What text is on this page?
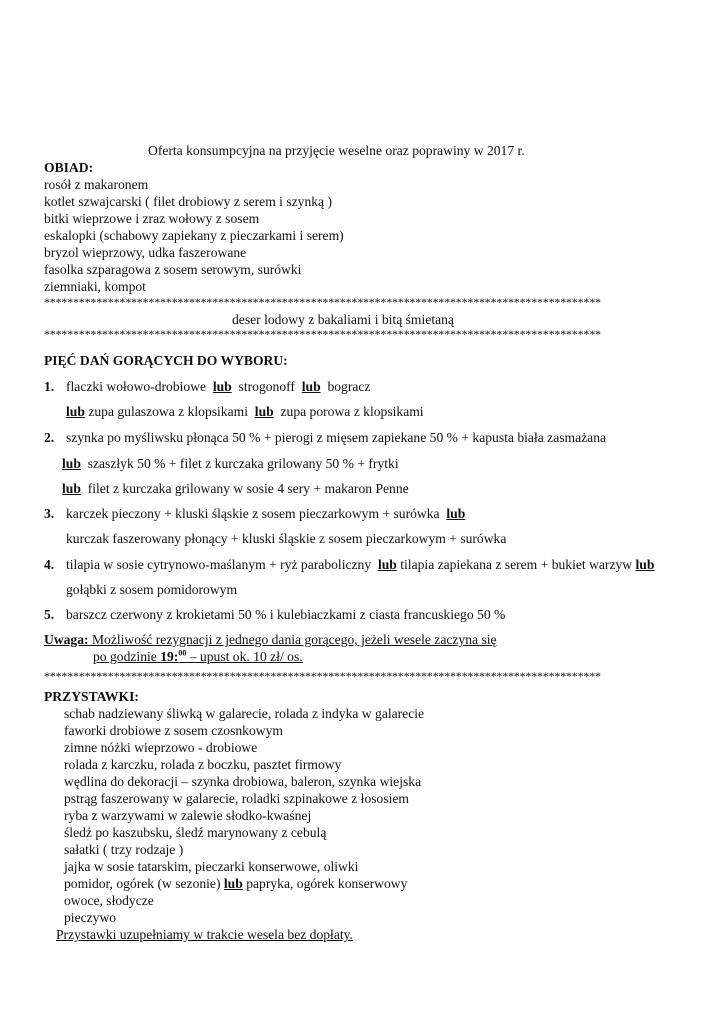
Oferta konsumpcyjna na przyjęcie weselne oraz poprawiny w 2017 r.
OBIAD:
rosół z makaronem
kotlet szwajcarski ( filet drobiowy z serem i szynką )
bitki wieprzowe i zraz wołowy z sosem
eskalopki (schabowy zapiekany z pieczarkami i serem)
bryzol wieprzowy, udka faszerowane
fasolka szparagowa z sosem serowym, surówki
ziemniaki, kompot
************************************************************************************************
deser lodowy z bakaliami i bitą śmietaną
************************************************************************************************
PIĘĆ DAŃ GORĄCYCH DO WYBORU:
1. flaczki wołowo-drobiowe lub strogonoff lub bogracz
lub zupa gulaszowa z klopsikami lub zupa porowa z klopsikami
2. szynka po myśliwsku płonąca 50 % + pierogi z mięsem zapiekane 50 % + kapusta biała zasmażana
lub szaszłyk 50 % + filet z kurczaka grilowany 50 % + frytki
lub filet z kurczaka grilowany w sosie 4 sery + makaron Penne
3. karczek pieczony + kluski śląskie z sosem pieczarkowym + surówka lub
kurczak faszerowany płonący + kluski śląskie z sosem pieczarkowym + surówka
4. tilapia w sosie cytrynowo-maślanym + ryż paraboliczny lub tilapia zapiekana z serem + bukiet warzyw lub
gołąbki z sosem pomidorowym
5. barszcz czerwony z krokietami 50 % i kulebiaczkami z ciasta francuskiego 50 %
Uwaga: Możliwość rezygnacji z jednego dania gorącego, jeżeli wesele zaczyna się
po godzinie 19:$^{00}$ – upust ok. 10 zł/ os.
************************************************************************************************
PRZYSTAWKI:
schab nadziewany śliwką w galarecie, rolada z indyka w galarecie
faworki drobiowe z sosem czosnkowym
zimne nóżki wieprzowo - drobiowe
rolada z karczku, rolada z boczku, pasztet firmowy
wędlina do dekoracji – szynka drobiowa, baleron, szynka wiejska
pstrąg faszerowany w galarecie, roladki szpinakowe z łososiem
ryba z warzywami w zalewie słodko-kwaśnej
śledź po kaszubsku, śledź marynowany z cebulą
sałatki ( trzy rodzaje )
jajka w sosie tatarskim, pieczarki konserwowe, oliwki
pomidor, ogórek (w sezonie) lub papryka, ogórek konserwowy
owoce, słodycze
pieczywo
Przystawki uzupełniamy w trakcie wesela bez dopłaty.
